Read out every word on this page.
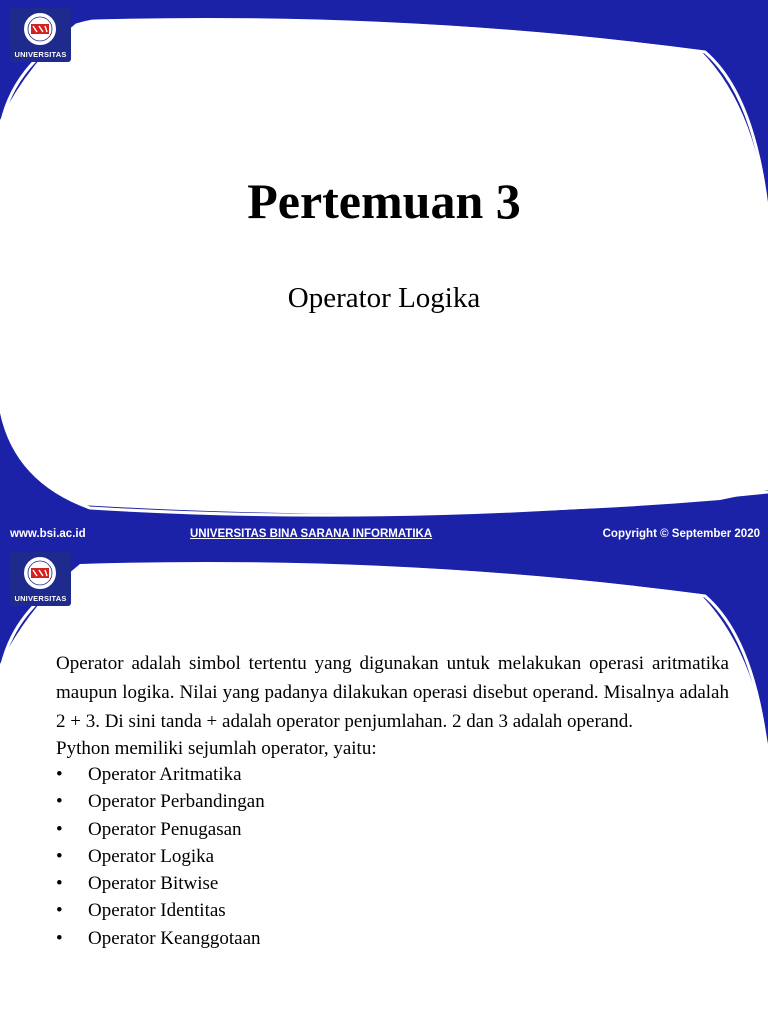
UNIVERSITAS
Pertemuan 3

Operator Logika

www.bsi.ac.id	UNIVERSITAS BINA SARANA INFORMATIKA	Copyright © September 2020
UNIVERSITAS

Operator adalah simbol tertentu yang digunakan untuk melakukan operasi aritmatika maupun logika. Nilai yang padanya dilakukan operasi disebut operand. Misalnya adalah 2 + 3. Di sini tanda + adalah operator penjumlahan. 2 dan 3 adalah operand.

Python memiliki sejumlah operator, yaitu:

• Operator Aritmatika
• Operator Perbandingan
• Operator Penugasan
• Operator Logika
• Operator Bitwise
• Operator Identitas
• Operator Keanggotaan
